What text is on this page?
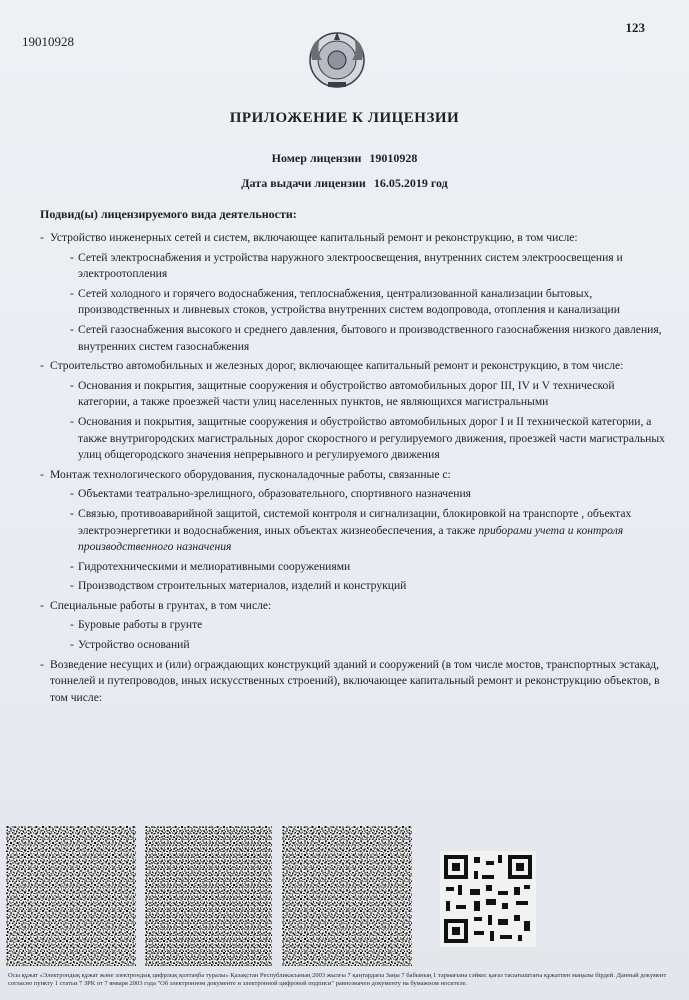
19010928
123
ПРИЛОЖЕНИЕ К ЛИЦЕНЗИИ
Номер лицензии 19010928
Дата выдачи лицензии 16.05.2019 год
Подвид(ы) лицензируемого вида деятельности:
- Устройство инженерных сетей и систем, включающее капитальный ремонт и реконструкцию, в том числе:
- Сетей электроснабжения и устройства наружного электроосвещения, внутренних систем электроосвещения и электроотопления
- Сетей холодного и горячего водоснабжения, теплоснабжения, централизованной канализации бытовых, производственных и ливневых стоков, устройства внутренних систем водопровода, отопления и канализации
- Сетей газоснабжения высокого и среднего давления, бытового и производственного газоснабжения низкого давления, внутренних систем газоснабжения
- Строительство автомобильных и железных дорог, включающее капитальный ремонт и реконструкцию, в том числе:
- Основания и покрытия, защитные сооружения и обустройство автомобильных дорог III, IV и V технической категории, а также проезжей части улиц населенных пунктов, не являющихся магистральными
- Основания и покрытия, защитные сооружения и обустройство автомобильных дорог I и II технической категории, а также внутригородских магистральных дорог скоростного и регулируемого движения, проезжей части магистральных улиц общегородского значения непрерывного и регулируемого движения
- Монтаж технологического оборудования, пусконаладочные работы, связанные с:
- Объектами театрально-зрелищного, образовательного, спортивного назначения
- Связью, противоаварийной защитой, системой контроля и сигнализации, блокировкой на транспорте , объектах электроэнергетики и водоснабжения, иных объектах жизнеобеспечения, а также приборами учета и контроля производственного назначения
- Гидротехническими и мелиоративными сооружениями
- Производством строительных материалов, изделий и конструкций
- Специальные работы в грунтах, в том числе:
- Буровые работы в грунте
- Устройство оснований
- Возведение несущих и (или) ограждающих конструкций зданий и сооружений (в том числе мостов, транспортных эстакад, тоннелей и путепроводов, иных искусственных строений), включающее капитальный ремонт и реконструкцию объектов, в том числе:
Осы құжат «Электрондық құжат және электрондық цифрлық қолтаңба туралы» Қазақстан Республикасының 2003 жылғы 7 қаңтардағы Заңы 7 бабының 1 тармағына сәйкес қағаз тасығыштағы құжатпен маңызы бірдей. Данный документ согласно пункту 1 статьи 7 ЗРК от 7 января 2003 года "Об электронном документе и электронной цифровой подписи" равнозначен документу на бумажном носителе.
